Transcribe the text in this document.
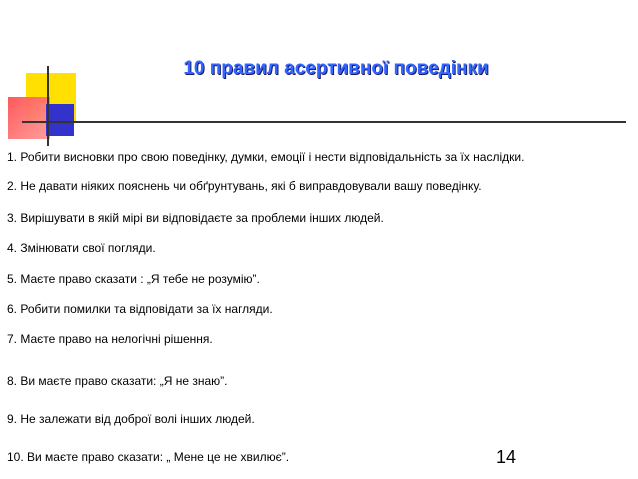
10 правил асертивної поведінки

1. Робити висновки про свою поведінку, думки, емоції і нести відповідальність за їх наслідки.

2. Не давати ніяких пояснень чи обґрунтувань, які б виправдовували вашу поведінку.

3. Вирішувати в якій мірі ви відповідаєте за проблеми інших людей.

4. Змінювати свої погляди.

5. Маєте право сказати : „Я тебе не розумію”.

6. Робити помилки та відповідати за їх нагляди.

7. Маєте право на нелогічні рішення.

8. Ви маєте право сказати: „Я не знаю”.

9. Не залежати від доброї волі інших людей.

10. Ви маєте право сказати: „ Мене це не хвилює”.	14
